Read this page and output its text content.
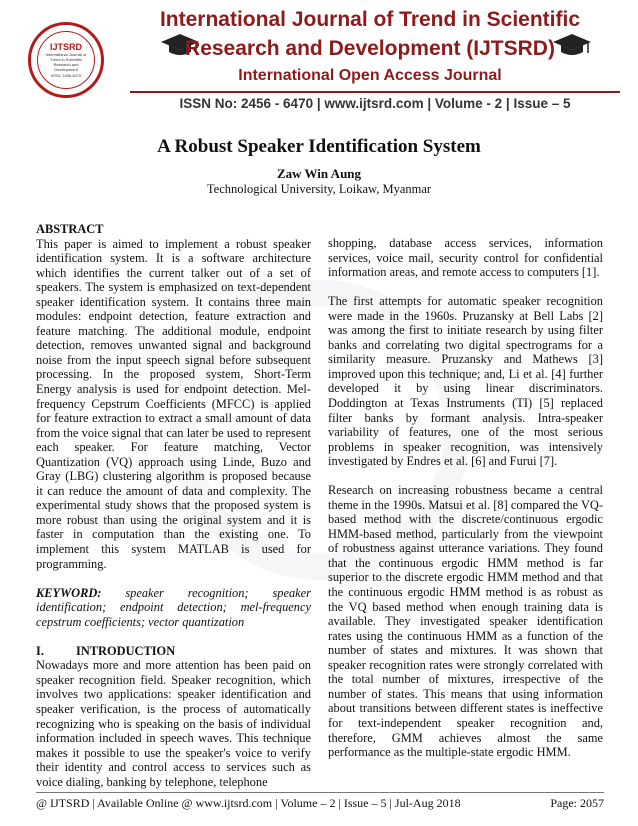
IJTSRD
International Journal of Trend in Scientific Research and Development
ISSN: 2456-6470
International Journal of Trend in Scientific
Research and Development (IJTSRD)
International Open Access Journal
ISSN No: 2456 - 6470 | www.ijtsrd.com | Volume - 2 | Issue – 5
A Robust Speaker Identification System
Zaw Win Aung
Technological University, Loikaw, Myanmar
ABSTRACT

This paper is aimed to implement a robust speaker identification system. It is a software architecture which identifies the current talker out of a set of speakers. The system is emphasized on text-dependent speaker identification system. It contains three main modules: endpoint detection, feature extraction and feature matching. The additional module, endpoint detection, removes unwanted signal and background noise from the input speech signal before subsequent processing. In the proposed system, Short-Term Energy analysis is used for endpoint detection. Mel-frequency Cepstrum Coefficients (MFCC) is applied for feature extraction to extract a small amount of data from the voice signal that can later be used to represent each speaker. For feature matching, Vector Quantization (VQ) approach using Linde, Buzo and Gray (LBG) clustering algorithm is proposed because it can reduce the amount of data and complexity. The experimental study shows that the proposed system is more robust than using the original system and it is faster in computation than the existing one. To implement this system MATLAB is used for programming.

KEYWORD: speaker recognition; speaker identification; endpoint detection; mel-frequency cepstrum coefficients; vector quantization

I.	INTRODUCTION

Nowadays more and more attention has been paid on speaker recognition field. Speaker recognition, which involves two applications: speaker identification and speaker verification, is the process of automatically recognizing who is speaking on the basis of individual information included in speech waves. This technique makes it possible to use the speaker's voice to verify their identity and control access to services such as voice dialing, banking by telephone, telephone

shopping, database access services, information services, voice mail, security control for confidential information areas, and remote access to computers [1].

The first attempts for automatic speaker recognition were made in the 1960s. Pruzansky at Bell Labs [2] was among the first to initiate research by using filter banks and correlating two digital spectrograms for a similarity measure. Pruzansky and Mathews [3] improved upon this technique; and, Li et al. [4] further developed it by using linear discriminators. Doddington at Texas Instruments (TI) [5] replaced filter banks by formant analysis. Intra-speaker variability of features, one of the most serious problems in speaker recognition, was intensively investigated by Endres et al. [6] and Furui [7].

Research on increasing robustness became a central theme in the 1990s. Matsui et al. [8] compared the VQ-based method with the discrete/continuous ergodic HMM-based method, particularly from the viewpoint of robustness against utterance variations. They found that the continuous ergodic HMM method is far superior to the discrete ergodic HMM method and that the continuous ergodic HMM method is as robust as the VQ based method when enough training data is available. They investigated speaker identification rates using the continuous HMM as a function of the number of states and mixtures. It was shown that speaker recognition rates were strongly correlated with the total number of mixtures, irrespective of the number of states. This means that using information about transitions between different states is ineffective for text-independent speaker recognition and, therefore, GMM achieves almost the same performance as the multiple-state ergodic HMM.

@ IJTSRD | Available Online @ www.ijtsrd.com | Volume – 2 | Issue – 5 | Jul-Aug 2018	Page: 2057
